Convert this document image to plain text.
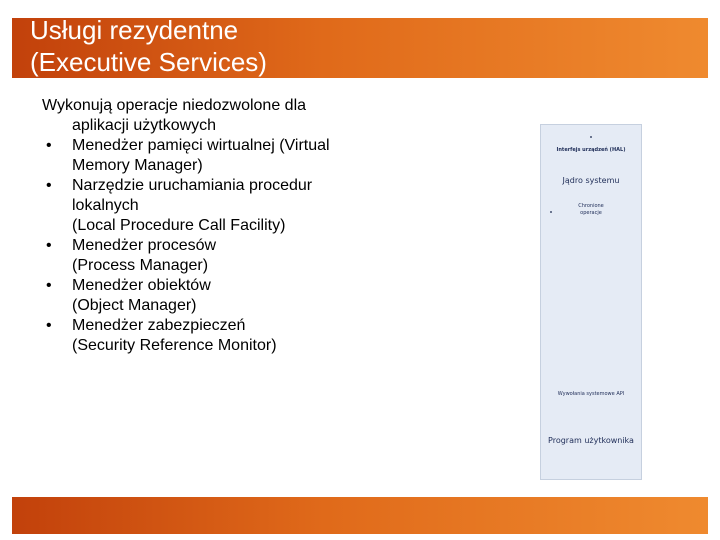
Usługi rezydentne
(Executive Services)

Wykonują operacje niedozwolone dla
aplikacji użytkowych

• Menedżer pamięci wirtualnej (Virtual
Memory Manager)
• Narzędzie uruchamiania procedur
lokalnych
(Local Procedure Call Facility)
• Menedżer procesów
(Process Manager)
• Menedżer obiektów
(Object Manager)
• Menedżer zabezpieczeń
(Security Reference Monitor)
Interfejs urządzeń (HAL)
Jądro systemu
Chronione
operacje
Wywołania systemowe API
Program użytkownika
